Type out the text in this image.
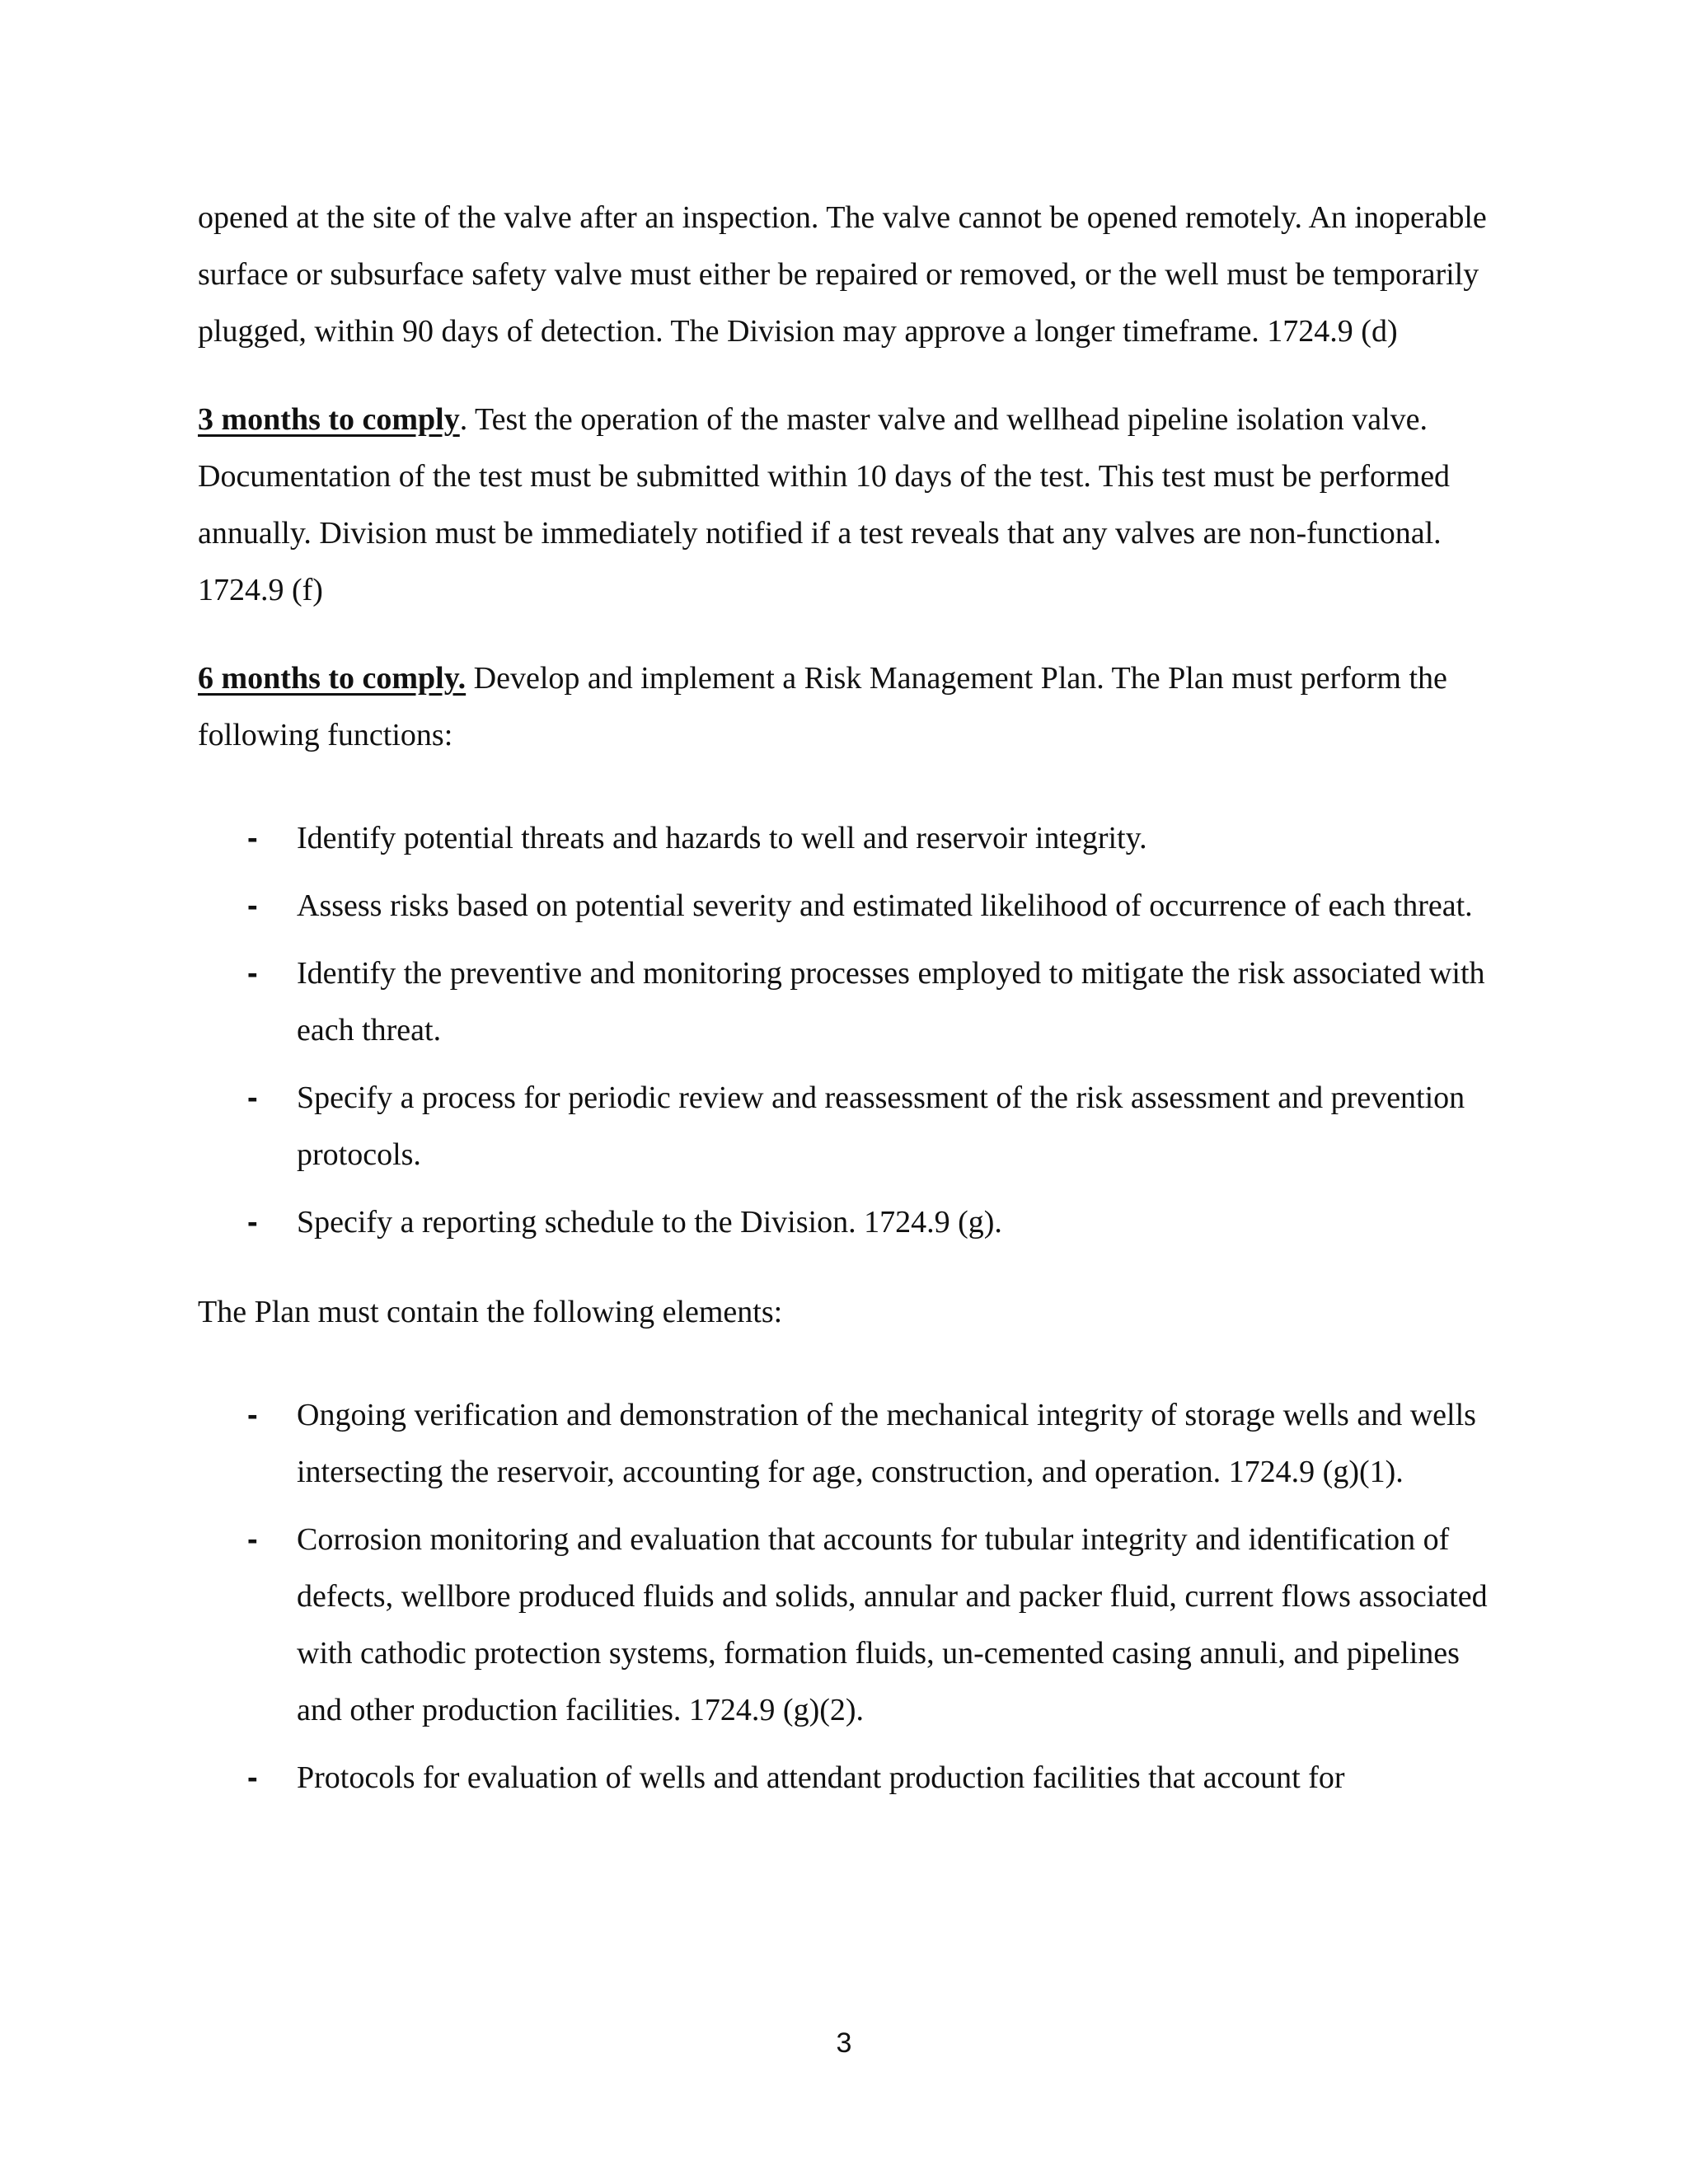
opened at the site of the valve after an inspection. The valve cannot be opened remotely. An inoperable surface or subsurface safety valve must either be repaired or removed, or the well must be temporarily plugged, within 90 days of detection. The Division may approve a longer timeframe. 1724.9 (d)

3 months to comply. Test the operation of the master valve and wellhead pipeline isolation valve. Documentation of the test must be submitted within 10 days of the test. This test must be performed annually. Division must be immediately notified if a test reveals that any valves are non-functional. 1724.9 (f)

6 months to comply. Develop and implement a Risk Management Plan. The Plan must perform the following functions:

- Identify potential threats and hazards to well and reservoir integrity.
- Assess risks based on potential severity and estimated likelihood of occurrence of each threat.
- Identify the preventive and monitoring processes employed to mitigate the risk associated with each threat.
- Specify a process for periodic review and reassessment of the risk assessment and prevention protocols.
- Specify a reporting schedule to the Division. 1724.9 (g).

The Plan must contain the following elements:

- Ongoing verification and demonstration of the mechanical integrity of storage wells and wells intersecting the reservoir, accounting for age, construction, and operation. 1724.9 (g)(1).
- Corrosion monitoring and evaluation that accounts for tubular integrity and identification of defects, wellbore produced fluids and solids, annular and packer fluid, current flows associated with cathodic protection systems, formation fluids, un-cemented casing annuli, and pipelines and other production facilities. 1724.9 (g)(2).
- Protocols for evaluation of wells and attendant production facilities that account for
3
